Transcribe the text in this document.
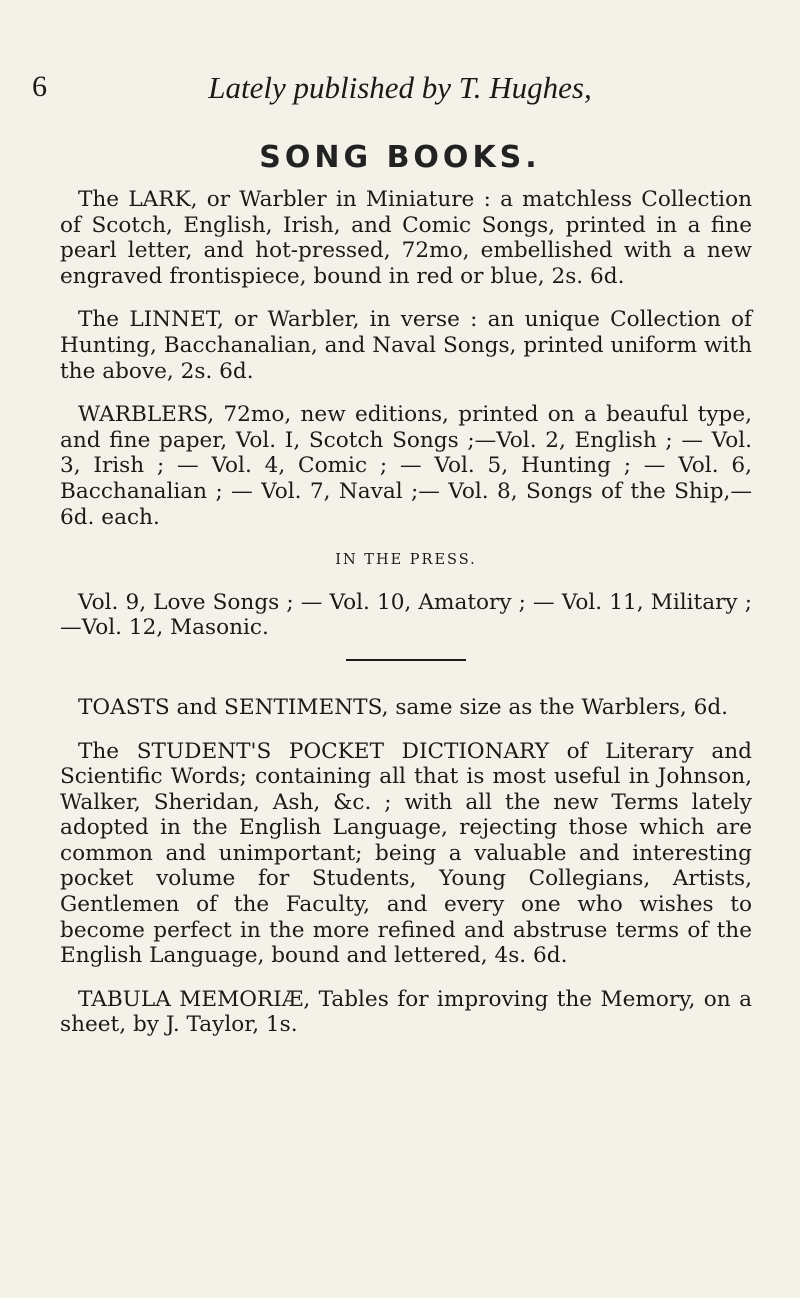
6	Lately published by T. Hughes,
SONG BOOKS.

The LARK, or Warbler in Miniature : a matchless Collection of Scotch, English, Irish, and Comic Songs, printed in a fine pearl letter, and hot-pressed, 72mo, embellished with a new engraved frontispiece, bound in red or blue, 2s. 6d.

The LINNET, or Warbler, in verse : an unique Collection of Hunting, Bacchanalian, and Naval Songs, printed uniform with the above, 2s. 6d.

WARBLERS, 72mo, new editions, printed on a beauful type, and fine paper, Vol. I, Scotch Songs ;—Vol. 2, English ; — Vol. 3, Irish ; — Vol. 4, Comic ; — Vol. 5, Hunting ; — Vol. 6, Bacchanalian ; — Vol. 7, Naval ;— Vol. 8, Songs of the Ship,—6d. each.

IN THE PRESS.

Vol. 9, Love Songs ; — Vol. 10, Amatory ; — Vol. 11, Military ;—Vol. 12, Masonic.

TOASTS and SENTIMENTS, same size as the Warblers, 6d.

The STUDENT'S POCKET DICTIONARY of Literary and Scientific Words; containing all that is most useful in Johnson, Walker, Sheridan, Ash, &c. ; with all the new Terms lately adopted in the English Language, rejecting those which are common and unimportant; being a valuable and interesting pocket volume for Students, Young Collegians, Artists, Gentlemen of the Faculty, and every one who wishes to become perfect in the more refined and abstruse terms of the English Language, bound and lettered, 4s. 6d.

TABULA MEMORIÆ, Tables for improving the Memory, on a sheet, by J. Taylor, 1s.
